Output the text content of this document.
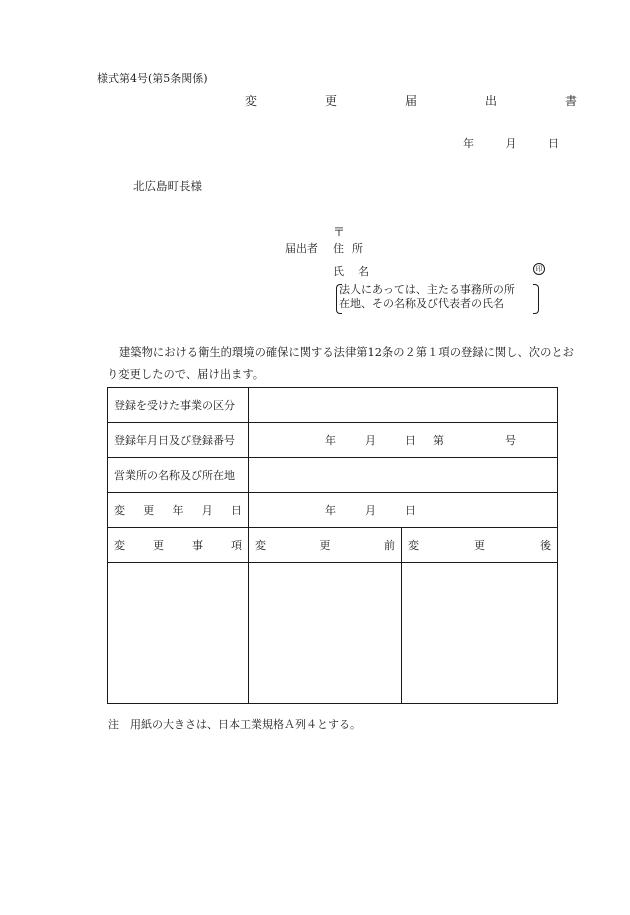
様式第4号(第5条関係)
変　更　届　出　書
年	月	日
北広島町長様
〒
届出者 住所
氏名	印
法人にあっては、主たる事務所の所
在地、その名称及び代表者の氏名
建築物における衛生的環境の確保に関する法律第12条の２第１項の登録に関し、次のとおり変更したので、届け出ます。
登録を受けた事業の区分		
登録年月日及び登録番号	年 月 日 第 号	
営業所の名称及び所在地		
変更年月日	年 月 日	
変更事項	変更前	変更後

注　用紙の大きさは、日本工業規格Ａ列４とする。
